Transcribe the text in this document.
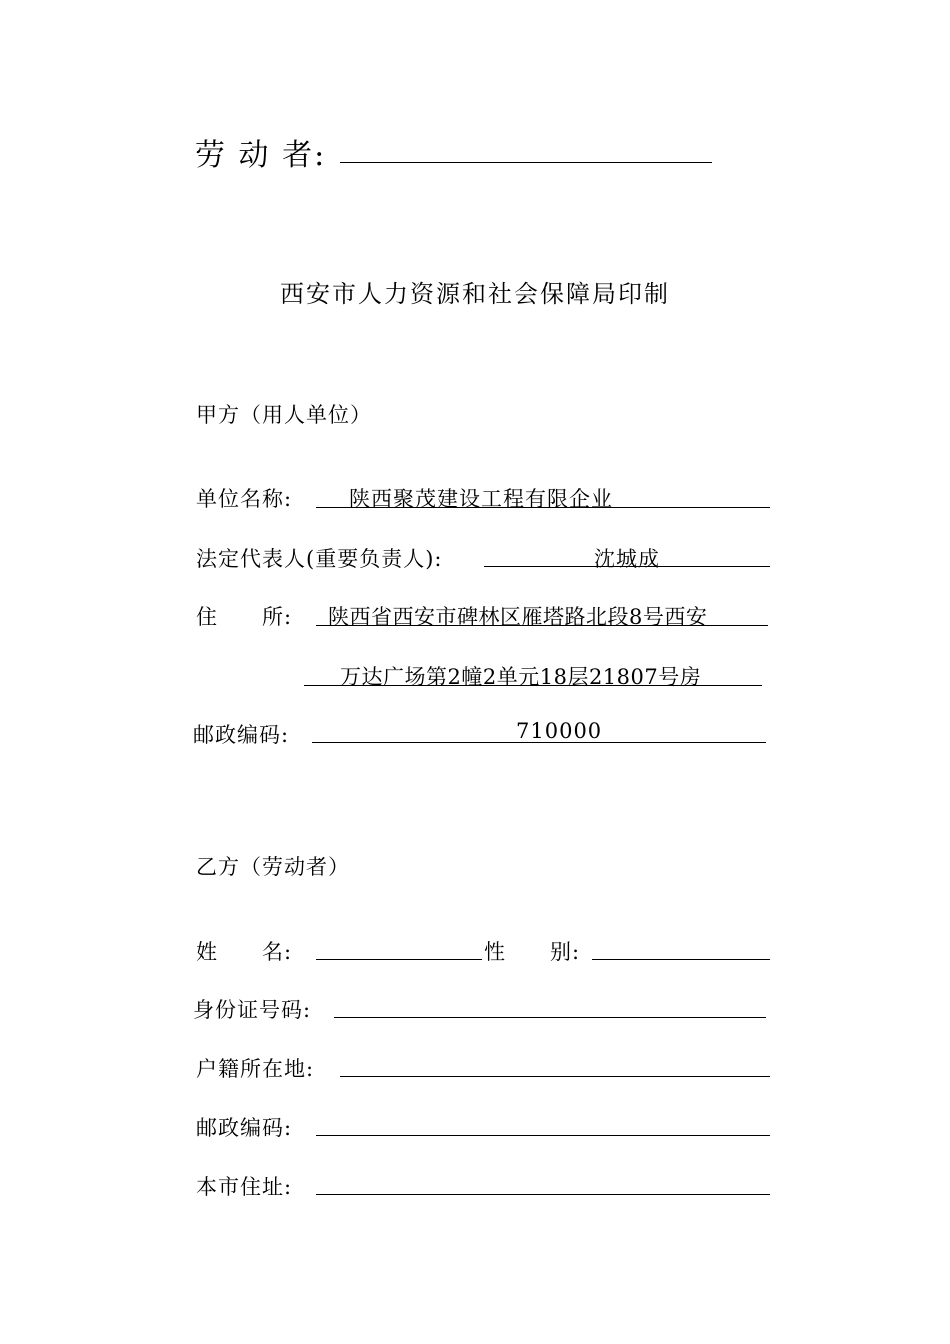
劳 动 者:
西安市人力资源和社会保障局印制
甲方（用人单位）
单位名称:	陕西聚茂建设工程有限企业
法定代表人(重要负责人):	沈城成
住　　所: 陕西省西安市碑林区雁塔路北段8号西安
万达广场第2幢2单元18层21807号房
邮政编码:	710000
乙方（劳动者）
姓　　名:	性　　别:
身份证号码:
户籍所在地:
邮政编码:
本市住址:
